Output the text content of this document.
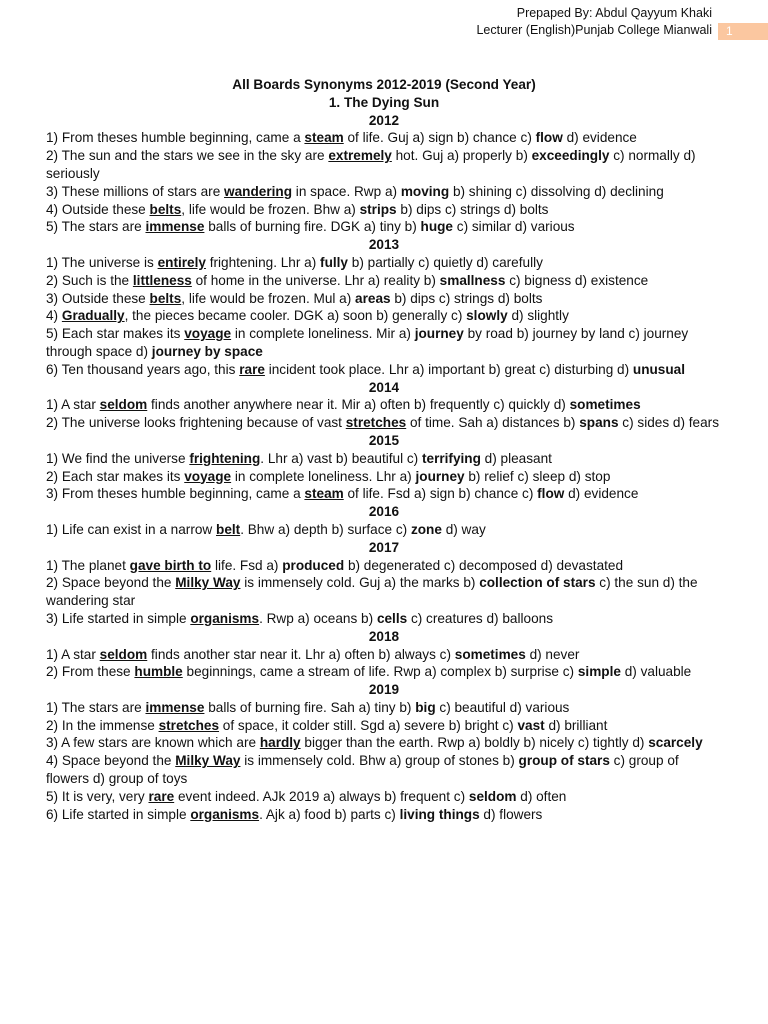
Prepaped By: Abdul Qayyum Khaki
Lecturer (English)Punjab College Mianwali	1
All Boards Synonyms 2012-2019 (Second Year)
1. The Dying Sun
2012
1) From theses humble beginning, came a steam of life. Guj a) sign b) chance c) flow d) evidence
2) The sun and the stars we see in the sky are extremely hot. Guj a) properly b) exceedingly c) normally d) seriously
3) These millions of stars are wandering in space. Rwp a) moving b) shining c) dissolving d) declining
4) Outside these belts, life would be frozen. Bhw a) strips b) dips c) strings d) bolts
5) The stars are immense balls of burning fire. DGK a) tiny b) huge c) similar d) various
2013
1) The universe is entirely frightening. Lhr a) fully b) partially c) quietly d) carefully
2) Such is the littleness of home in the universe. Lhr a) reality b) smallness c) bigness d) existence
3) Outside these belts, life would be frozen. Mul a) areas b) dips c) strings d) bolts
4) Gradually, the pieces became cooler. DGK a) soon b) generally c) slowly d) slightly
5) Each star makes its voyage in complete loneliness. Mir a) journey by road b) journey by land c) journey through space d) journey by space
6) Ten thousand years ago, this rare incident took place. Lhr a) important b) great c) disturbing d) unusual
2014
1) A star seldom finds another anywhere near it. Mir a) often b) frequently c) quickly d) sometimes
2) The universe looks frightening because of vast stretches of time. Sah a) distances b) spans c) sides d) fears
2015
1) We find the universe frightening. Lhr a) vast b) beautiful c) terrifying d) pleasant
2) Each star makes its voyage in complete loneliness. Lhr a) journey b) relief c) sleep d) stop
3) From theses humble beginning, came a steam of life. Fsd a) sign b) chance c) flow d) evidence
2016
1) Life can exist in a narrow belt. Bhw a) depth b) surface c) zone d) way
2017
1) The planet gave birth to life. Fsd a) produced b) degenerated c) decomposed d) devastated
2) Space beyond the Milky Way is immensely cold. Guj a) the marks b) collection of stars c) the sun d) the wandering star
3) Life started in simple organisms. Rwp a) oceans b) cells c) creatures d) balloons
2018
1) A star seldom finds another star near it. Lhr a) often b) always c) sometimes d) never
2) From these humble beginnings, came a stream of life. Rwp a) complex b) surprise c) simple d) valuable
2019
1) The stars are immense balls of burning fire. Sah a) tiny b) big c) beautiful d) various
2) In the immense stretches of space, it colder still. Sgd a) severe b) bright c) vast d) brilliant
3) A few stars are known which are hardly bigger than the earth. Rwp a) boldly b) nicely c) tightly d) scarcely
4) Space beyond the Milky Way is immensely cold. Bhw a) group of stones b) group of stars c) group of flowers d) group of toys
5) It is very, very rare event indeed. AJk 2019 a) always b) frequent c) seldom d) often
6) Life started in simple organisms. Ajk a) food b) parts c) living things d) flowers
